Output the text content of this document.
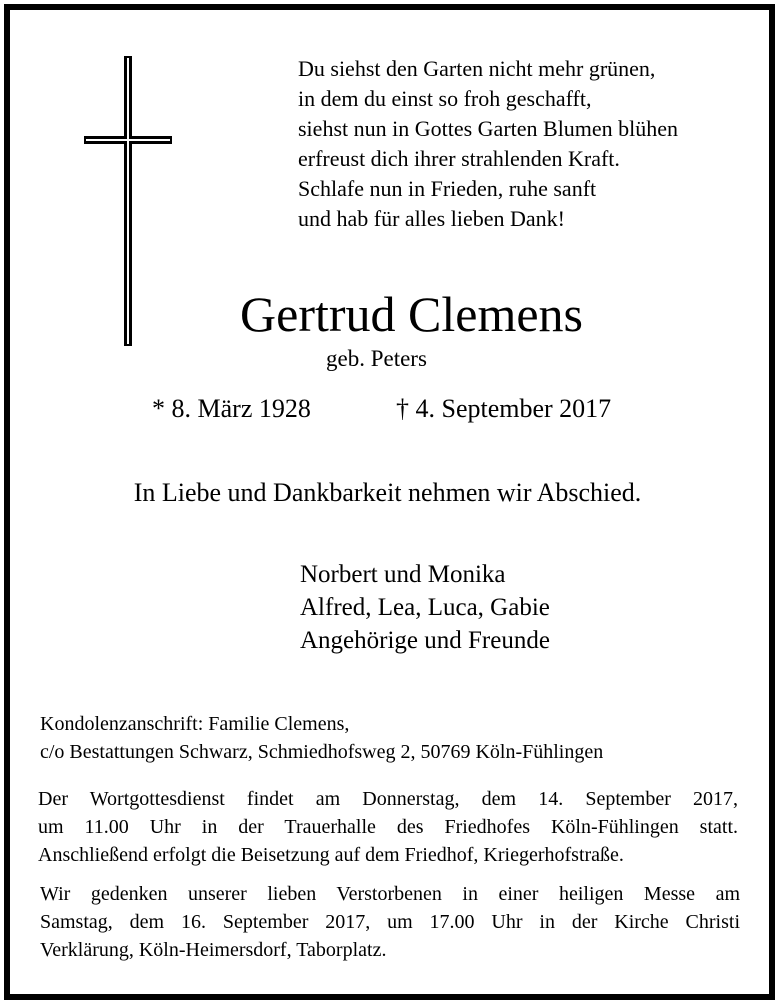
Du siehst den Garten nicht mehr grünen,
in dem du einst so froh geschafft,
siehst nun in Gottes Garten Blumen blühen
erfreust dich ihrer strahlenden Kraft.
Schlafe nun in Frieden, ruhe sanft
und hab für alles lieben Dank!
Gertrud Clemens
geb. Peters
* 8. März 1928	† 4. September 2017
In Liebe und Dankbarkeit nehmen wir Abschied.
Norbert und Monika
Alfred, Lea, Luca, Gabie
Angehörige und Freunde
Kondolenzanschrift: Familie Clemens,
c/o Bestattungen Schwarz, Schmiedhofsweg 2, 50769 Köln-Fühlingen
Der Wortgottesdienst findet am Donnerstag, dem 14. September 2017,
um 11.00 Uhr in der Trauerhalle des Friedhofes Köln-Fühlingen statt.
Anschließend erfolgt die Beisetzung auf dem Friedhof, Kriegerhofstraße.
Wir gedenken unserer lieben Verstorbenen in einer heiligen Messe am
Samstag, dem 16. September 2017, um 17.00 Uhr in der Kirche Christi
Verklärung, Köln-Heimersdorf, Taborplatz.
